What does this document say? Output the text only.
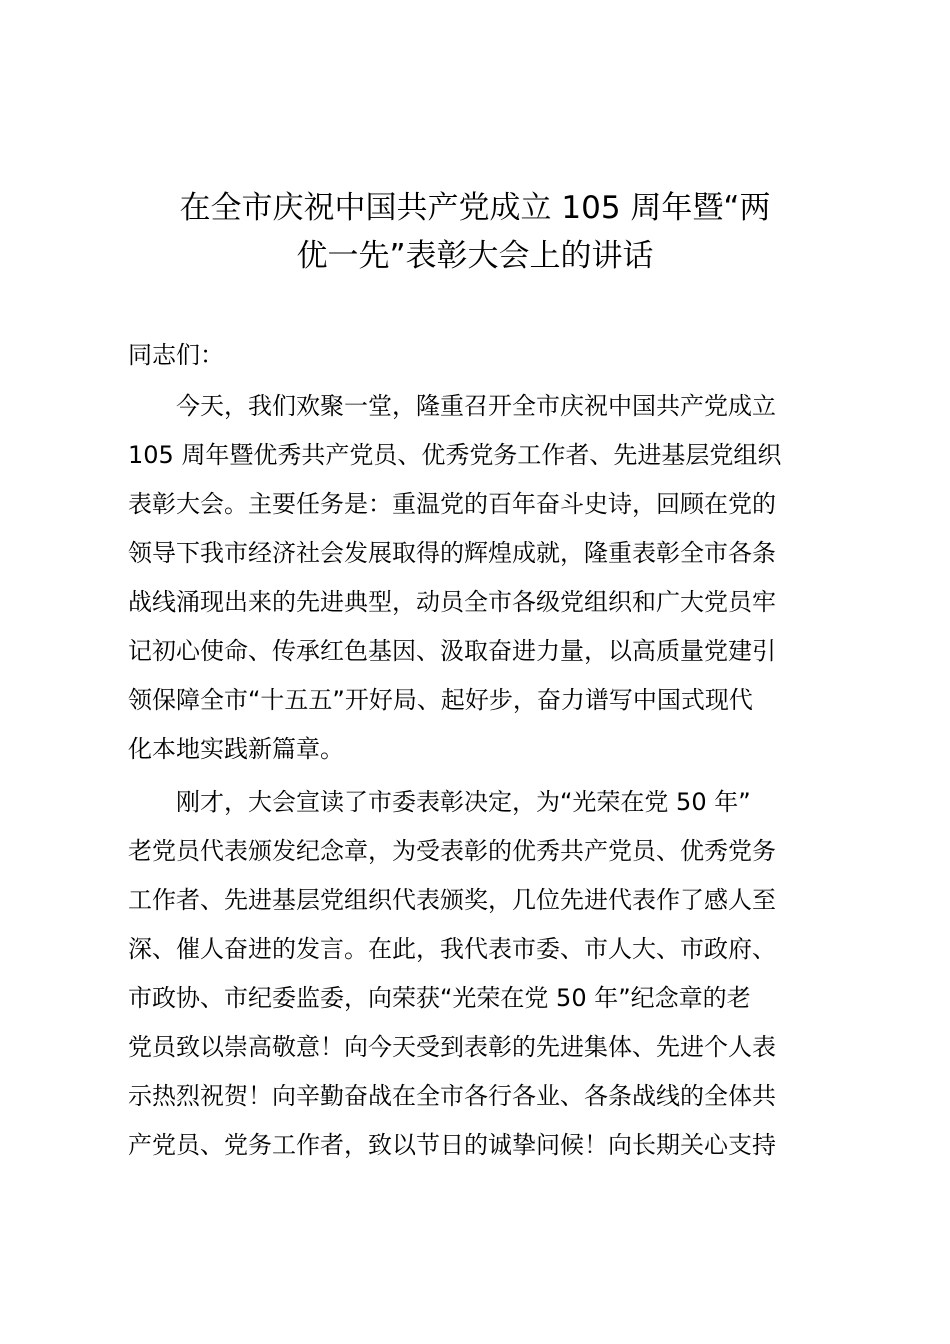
在全市庆祝中国共产党成立 105 周年暨“两
优一先”表彰大会上的讲话
同志们：
　　今天，我们欢聚一堂，隆重召开全市庆祝中国共产党成立
105 周年暨优秀共产党员、优秀党务工作者、先进基层党组织
表彰大会。主要任务是：重温党的百年奋斗史诗，回顾在党的
领导下我市经济社会发展取得的辉煌成就，隆重表彰全市各条
战线涌现出来的先进典型，动员全市各级党组织和广大党员牢
记初心使命、传承红色基因、汲取奋进力量，以高质量党建引
领保障全市“十五五”开好局、起好步，奋力谱写中国式现代
化本地实践新篇章。
　　刚才，大会宣读了市委表彰决定，为“光荣在党 50 年”
老党员代表颁发纪念章，为受表彰的优秀共产党员、优秀党务
工作者、先进基层党组织代表颁奖，几位先进代表作了感人至
深、催人奋进的发言。在此，我代表市委、市人大、市政府、
市政协、市纪委监委，向荣获“光荣在党 50 年”纪念章的老
党员致以崇高敬意！向今天受到表彰的先进集体、先进个人表
示热烈祝贺！向辛勤奋战在全市各行各业、各条战线的全体共
产党员、党务工作者，致以节日的诚挚问候！向长期关心支持
